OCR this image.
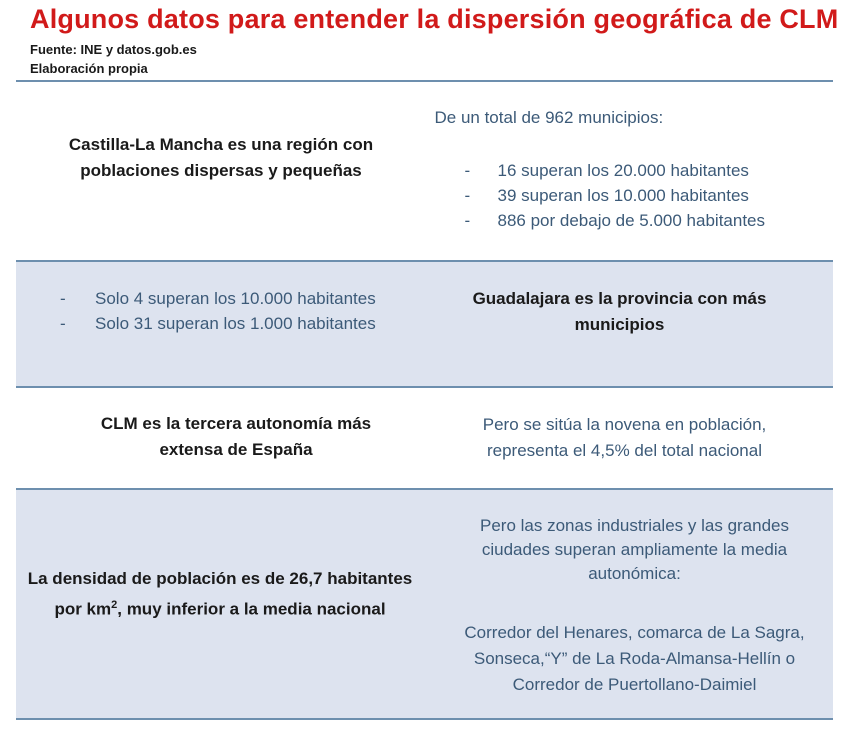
Algunos datos para entender la dispersión geográfica de CLM
Fuente: INE y datos.gob.es
Elaboración propia
Castilla-La Mancha es una región con poblaciones dispersas y pequeñas
De un total de 962 municipios:
- 16 superan los 20.000 habitantes
- 39 superan los 10.000 habitantes
- 886 por debajo de 5.000 habitantes
- Solo 4 superan los 10.000 habitantes
- Solo 31 superan los 1.000 habitantes
Guadalajara es la provincia con más municipios
CLM es la tercera autonomía más extensa de España
Pero se sitúa la novena en población, representa el 4,5% del total nacional
La densidad de población es de 26,7 habitantes por $km^2$, muy inferior a la media nacional
Pero las zonas industriales y las grandes ciudades superan ampliamente la media autonómica:
Corredor del Henares, comarca de La Sagra, Sonseca,“Y” de La Roda-Almansa-Hellín o Corredor de Puertollano-Daimiel
